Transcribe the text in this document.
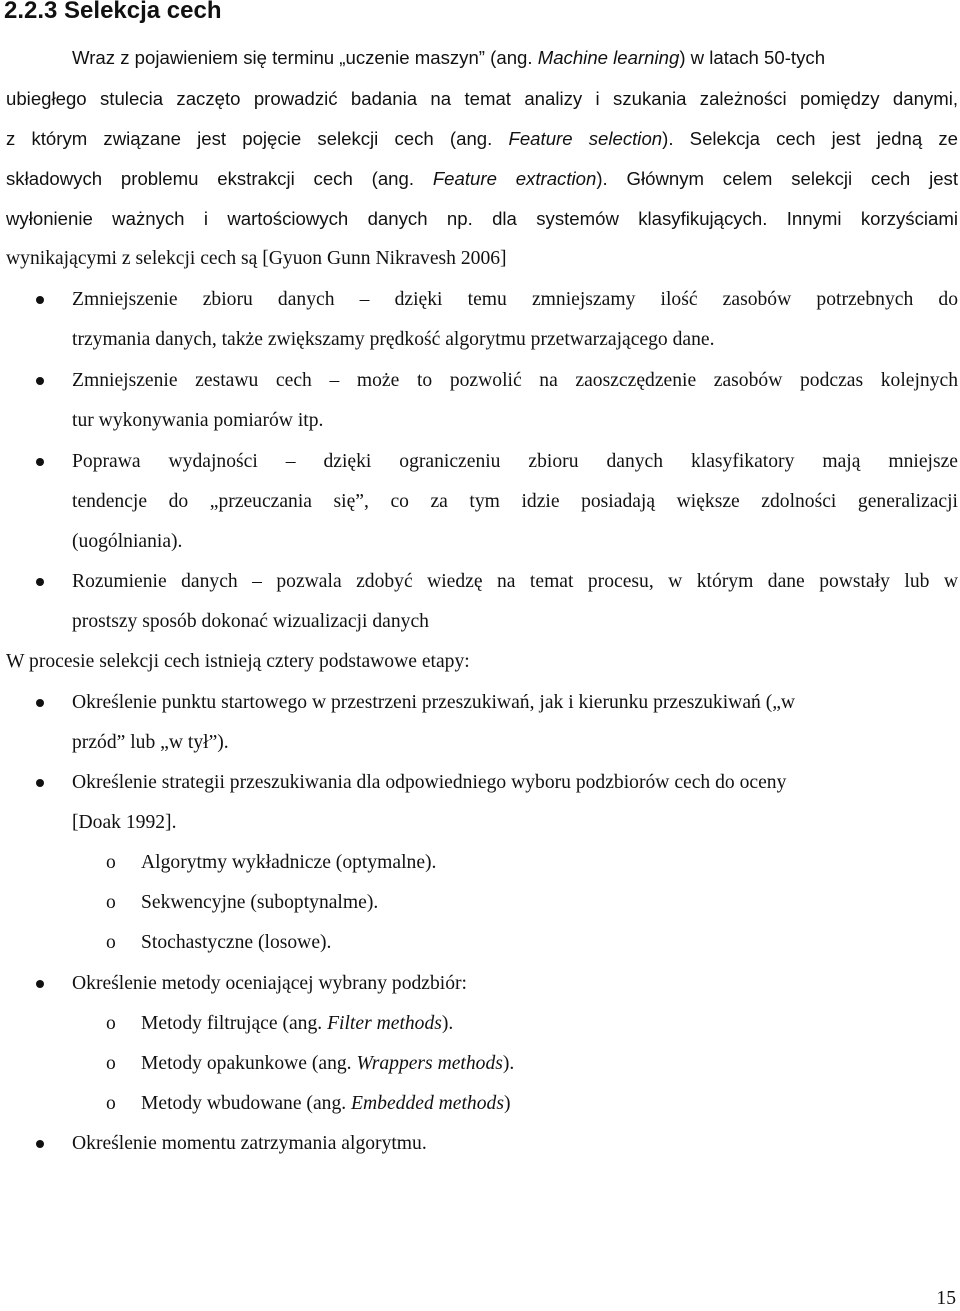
2.2.3 Selekcja cech
Wraz z pojawieniem się terminu „uczenie maszyn” (ang. Machine learning) w latach 50-tych
ubiegłego stulecia zaczęto prowadzić badania na temat analizy i szukania zależności pomiędzy danymi,
z którym związane jest pojęcie selekcji cech (ang. Feature selection). Selekcja cech jest jedną ze
składowych problemu ekstrakcji cech (ang. Feature extraction). Głównym celem selekcji cech jest
wyłonienie ważnych i wartościowych danych np. dla systemów klasyfikujących. Innymi korzyściami
wynikającymi z selekcji cech są [Gyuon Gunn Nikravesh 2006]
Zmniejszenie zbioru danych – dzięki temu zmniejszamy ilość zasobów potrzebnych do
trzymania danych, także zwiększamy prędkość algorytmu przetwarzającego dane.
Zmniejszenie zestawu cech – może to pozwolić na zaoszczędzenie zasobów podczas kolejnych
tur wykonywania pomiarów itp.
Poprawa wydajności – dzięki ograniczeniu zbioru danych klasyfikatory mają mniejsze
tendencje do „przeuczania się”, co za tym idzie posiadają większe zdolności generalizacji
(uogólniania).
Rozumienie danych – pozwala zdobyć wiedzę na temat procesu, w którym dane powstały lub w
prostszy sposób dokonać wizualizacji danych
W procesie selekcji cech istnieją cztery podstawowe etapy:
Określenie punktu startowego w przestrzeni przeszukiwań, jak i kierunku przeszukiwań („w
przód” lub „w tył”).
Określenie strategii przeszukiwania dla odpowiedniego wyboru podzbiorów cech do oceny
[Doak 1992].
o Algorytmy wykładnicze (optymalne).
o Sekwencyjne (suboptynalme).
o Stochastyczne (losowe).
Określenie metody oceniającej wybrany podzbiór:
o Metody filtrujące (ang. Filter methods).
o Metody opakunkowe (ang. Wrappers methods).
o Metody wbudowane (ang. Embedded methods)
Określenie momentu zatrzymania algorytmu.
15
